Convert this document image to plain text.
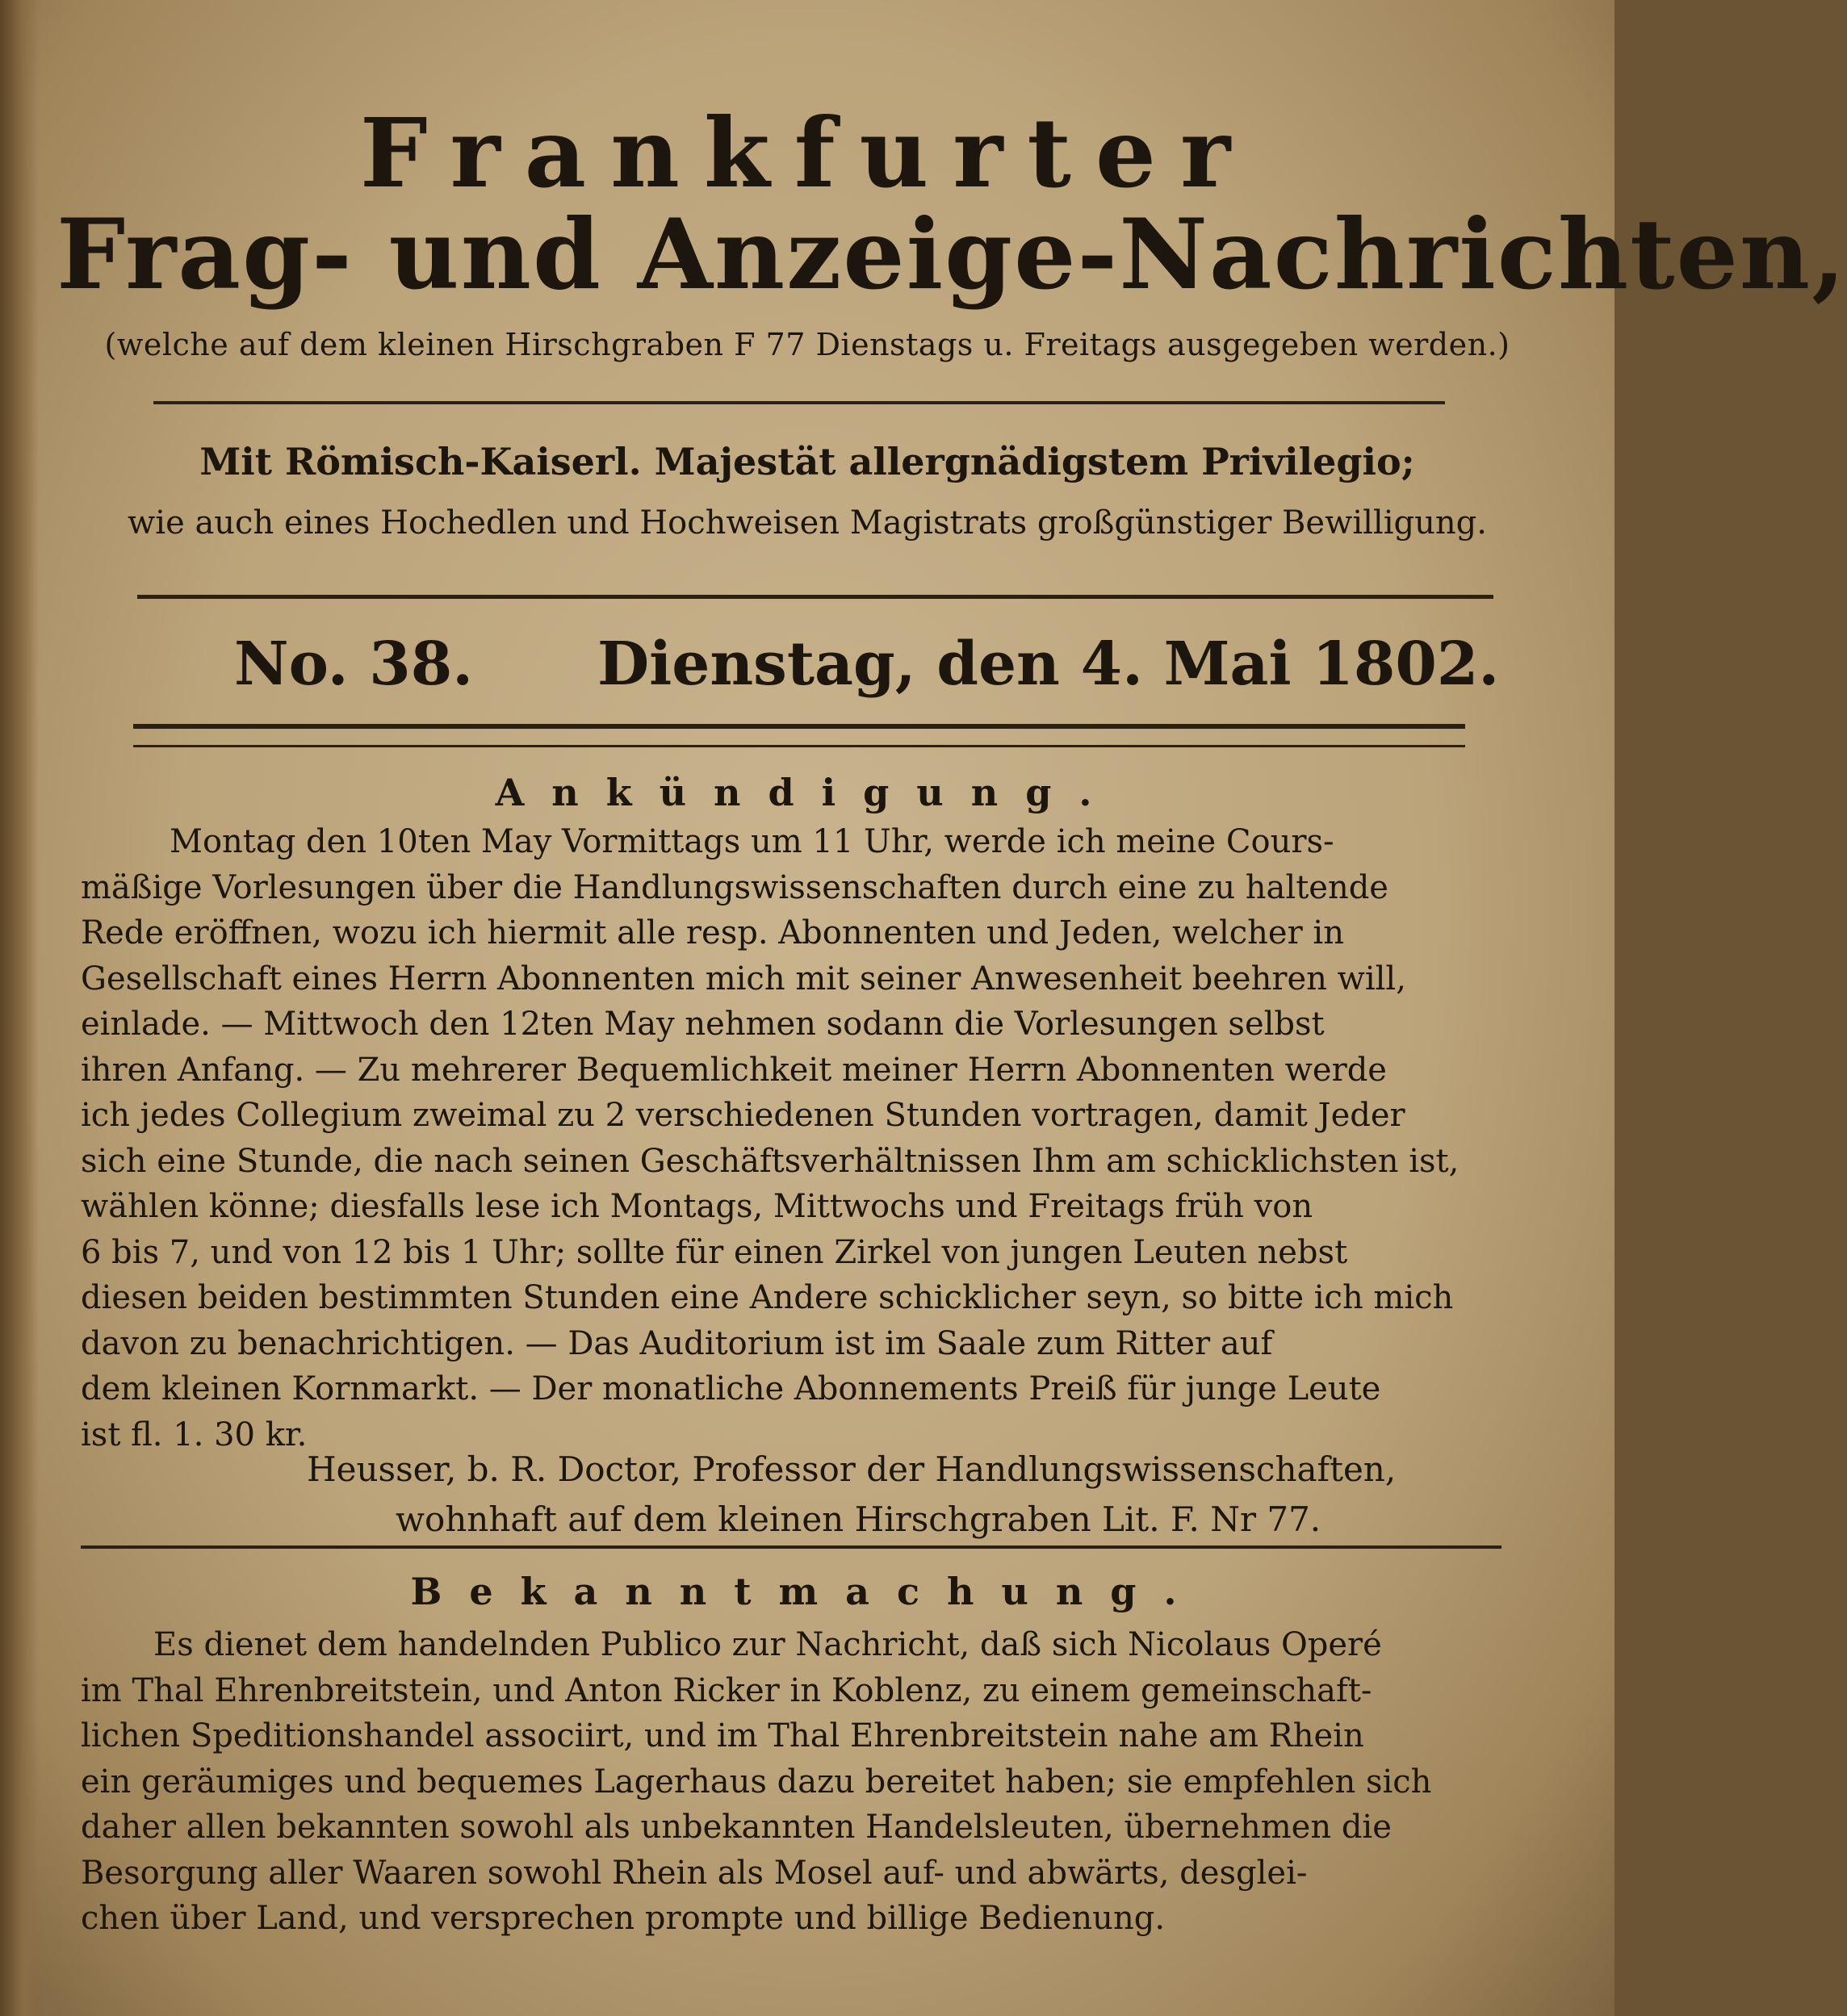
Frankfurter
Frag- und Anzeige-Nachrichten,
(welche auf dem kleinen Hirschgraben F 77 Dienstags u. Freitags ausgegeben werden.)
Mit Römisch-Kaiserl. Majestät allergnädigstem Privilegio;
wie auch eines Hochedlen und Hochweisen Magistrats großgünstiger Bewilligung.
No. 38. Dienstag, den 4. Mai 1802.
Ankündigung.
Montag den 10ten May Vormittags um 11 Uhr, werde ich meine Cours-
mäßige Vorlesungen über die Handlungswissenschaften durch eine zu haltende
Rede eröffnen, wozu ich hiermit alle resp. Abonnenten und Jeden, welcher in
Gesellschaft eines Herrn Abonnenten mich mit seiner Anwesenheit beehren will,
einlade. — Mittwoch den 12ten May nehmen sodann die Vorlesungen selbst
ihren Anfang. — Zu mehrerer Bequemlichkeit meiner Herrn Abonnenten werde
ich jedes Collegium zweimal zu 2 verschiedenen Stunden vortragen, damit Jeder
sich eine Stunde, die nach seinen Geschäftsverhältnissen Ihm am schicklichsten ist,
wählen könne; diesfalls lese ich Montags, Mittwochs und Freitags früh von
6 bis 7, und von 12 bis 1 Uhr; sollte für einen Zirkel von jungen Leuten nebst
diesen beiden bestimmten Stunden eine Andere schicklicher seyn, so bitte ich mich
davon zu benachrichtigen. — Das Auditorium ist im Saale zum Ritter auf
dem kleinen Kornmarkt. — Der monatliche Abonnements Preiß für junge Leute
ist fl. 1. 30 kr.
Heusser, b. R. Doctor, Professor der Handlungswissenschaften,
wohnhaft auf dem kleinen Hirschgraben Lit. F. Nr 77.
Bekanntmachung.
Es dienet dem handelnden Publico zur Nachricht, daß sich Nicolaus Operé
im Thal Ehrenbreitstein, und Anton Ricker in Koblenz, zu einem gemeinschaft-
lichen Speditionshandel associirt, und im Thal Ehrenbreitstein nahe am Rhein
ein geräumiges und bequemes Lagerhaus dazu bereitet haben; sie empfehlen sich
daher allen bekannten sowohl als unbekannten Handelsleuten, übernehmen die
Besorgung aller Waaren sowohl Rhein als Mosel auf- und abwärts, desglei-
chen über Land, und versprechen prompte und billige Bedienung.
